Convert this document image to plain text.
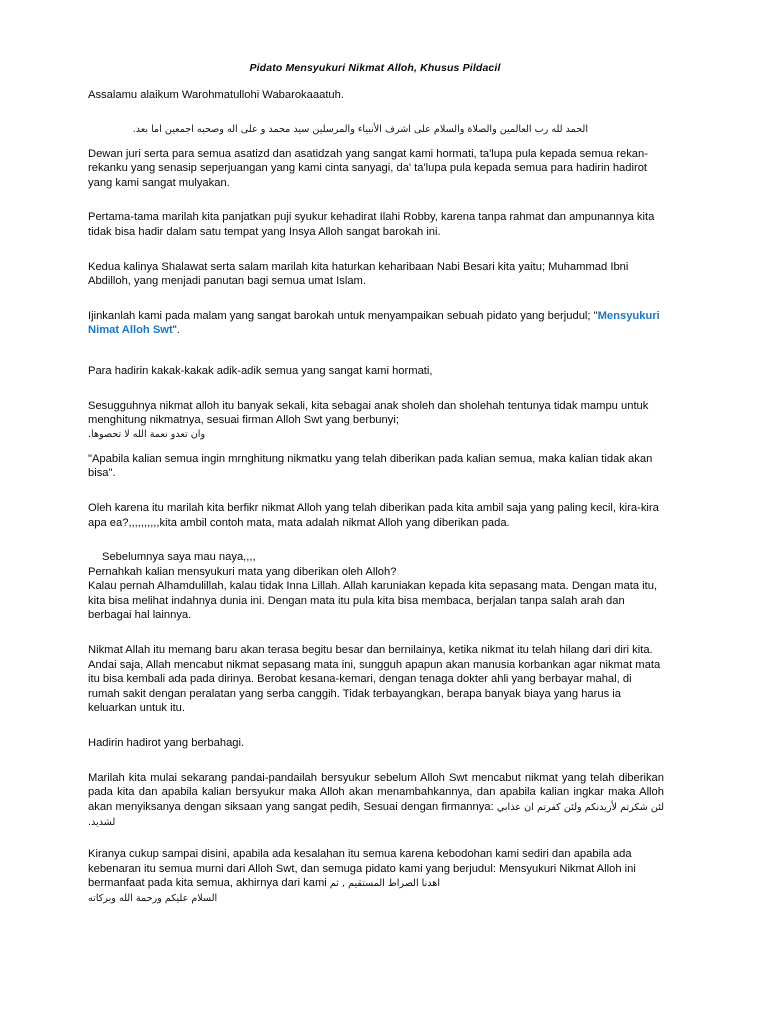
Pidato Mensyukuri Nikmat Alloh, Khusus Pildacil

Assalamu alaikum Warohmatullohi Wabarokaaatuh.

الحمد لله رب العالمين والصلاة والسلام على اشرف الأنبياء والمرسلين سيد محمد و على اله وصحبه اجمعين اما بعد.

Dewan juri serta para semua asatizd dan asatidzah yang sangat kami hormati, ta'lupa pula kepada semua rekan-rekanku yang senasip seperjuangan yang kami cinta sanyagi, da' ta'lupa pula kepada semua para hadirin hadirot yang kami sangat mulyakan.

Pertama-tama marilah kita panjatkan puji syukur kehadirat Ilahi Robby, karena tanpa rahmat dan ampunannya kita tidak bisa hadir dalam satu tempat yang Insya Alloh sangat barokah ini.

Kedua kalinya Shalawat serta salam marilah kita haturkan keharibaan Nabi Besari kita yaitu; Muhammad Ibni Abdilloh, yang menjadi panutan bagi semua umat Islam.

Ijinkanlah kami pada malam yang sangat barokah untuk menyampaikan sebuah pidato yang berjudul; "Mensyukuri Nimat Alloh Swt".

Para hadirin kakak-kakak adik-adik semua yang sangat kami hormati,

Sesugguhnya nikmat alloh itu banyak sekali, kita sebagai anak sholeh dan sholehah tentunya tidak mampu untuk menghitung nikmatnya, sesuai firman Alloh Swt yang berbunyi;

وان تعدو نعمة الله لا تحصوها.

"Apabila kalian semua ingin mrnghitung nikmatku yang telah diberikan pada kalian semua, maka kalian tidak akan bisa".

Oleh karena itu marilah kita berfikr nikmat Alloh yang telah diberikan pada kita ambil saja yang paling kecil, kira-kira apa ea?,,,,,,,,,,kita ambil contoh mata, mata adalah nikmat Alloh yang diberikan pada.

Sebelumnya saya mau naya,,,,

Pernahkah kalian mensyukuri mata yang diberikan oleh Alloh?

Kalau pernah Alhamdulillah, kalau tidak Inna Lillah. Allah karuniakan kepada kita sepasang mata. Dengan mata itu, kita bisa melihat indahnya dunia ini. Dengan mata itu pula kita bisa membaca, berjalan tanpa salah arah dan berbagai hal lainnya.

Nikmat Allah itu memang baru akan terasa begitu besar dan bernilainya, ketika nikmat itu telah hilang dari diri kita. Andai saja, Allah mencabut nikmat sepasang mata ini, sungguh apapun akan manusia korbankan agar nikmat mata itu bisa kembali ada pada dirinya. Berobat kesana-kemari, dengan tenaga dokter ahli yang berbayar mahal, di rumah sakit dengan peralatan yang serba canggih. Tidak terbayangkan, berapa banyak biaya yang harus ia keluarkan untuk itu.

Hadirin hadirot yang berbahagi.

Marilah kita mulai sekarang pandai-pandailah bersyukur sebelum Alloh Swt mencabut nikmat yang telah diberikan pada kita dan apabila kalian bersyukur maka Alloh akan menambahkannya, dan apabila kalian ingkar maka Alloh akan menyiksanya dengan siksaan yang sangat pedih, Sesuai dengan firmannya: لئن شكرتم لأزيدنكم ولئن كفرتم ان عذابي لشديد.

Kiranya cukup sampai disini, apabila ada kesalahan itu semua karena kebodohan kami sediri dan apabila ada kebenaran itu semua murni dari Alloh Swt, dan semuga pidato kami yang berjudul: Mensyukuri Nikmat Alloh ini bermanfaat pada kita semua, akhirnya dari kami اهدنا الصراط المستقيم , ثم

السلام عليكم ورحمة الله وبركاته
